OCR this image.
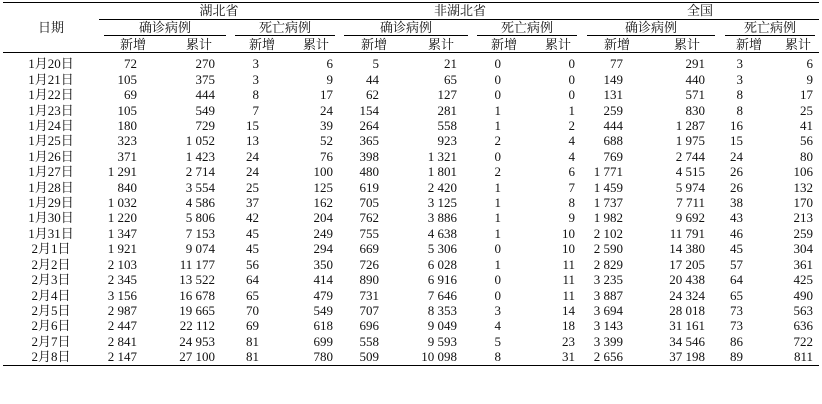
日期	湖北省				非湖北省				全国			
	确诊病例		死亡病例		确诊病例		死亡病例		确诊病例		死亡病例	
	新增	累计	新增	累计	新增	累计	新增	累计	新增	累计	新增	累计
1月20日	72	270	3	6	5	21	0	0	77	291	3	6
1月21日	105	375	3	9	44	65	0	0	149	440	3	9
1月22日	69	444	8	17	62	127	0	0	131	571	8	17
1月23日	105	549	7	24	154	281	1	1	259	830	8	25
1月24日	180	729	15	39	264	558	1	2	444	1 287	16	41
1月25日	323	1 052	13	52	365	923	2	4	688	1 975	15	56
1月26日	371	1 423	24	76	398	1 321	0	4	769	2 744	24	80
1月27日	1 291	2 714	24	100	480	1 801	2	6	1 771	4 515	26	106
1月28日	840	3 554	25	125	619	2 420	1	7	1 459	5 974	26	132
1月29日	1 032	4 586	37	162	705	3 125	1	8	1 737	7 711	38	170
1月30日	1 220	5 806	42	204	762	3 886	1	9	1 982	9 692	43	213
1月31日	1 347	7 153	45	249	755	4 638	1	10	2 102	11 791	46	259
2月1日	1 921	9 074	45	294	669	5 306	0	10	2 590	14 380	45	304
2月2日	2 103	11 177	56	350	726	6 028	1	11	2 829	17 205	57	361
2月3日	2 345	13 522	64	414	890	6 916	0	11	3 235	20 438	64	425
2月4日	3 156	16 678	65	479	731	7 646	0	11	3 887	24 324	65	490
2月5日	2 987	19 665	70	549	707	8 353	3	14	3 694	28 018	73	563
2月6日	2 447	22 112	69	618	696	9 049	4	18	3 143	31 161	73	636
2月7日	2 841	24 953	81	699	558	9 593	5	23	3 399	34 546	86	722
2月8日	2 147	27 100	81	780	509	10 098	8	31	2 656	37 198	89	811
